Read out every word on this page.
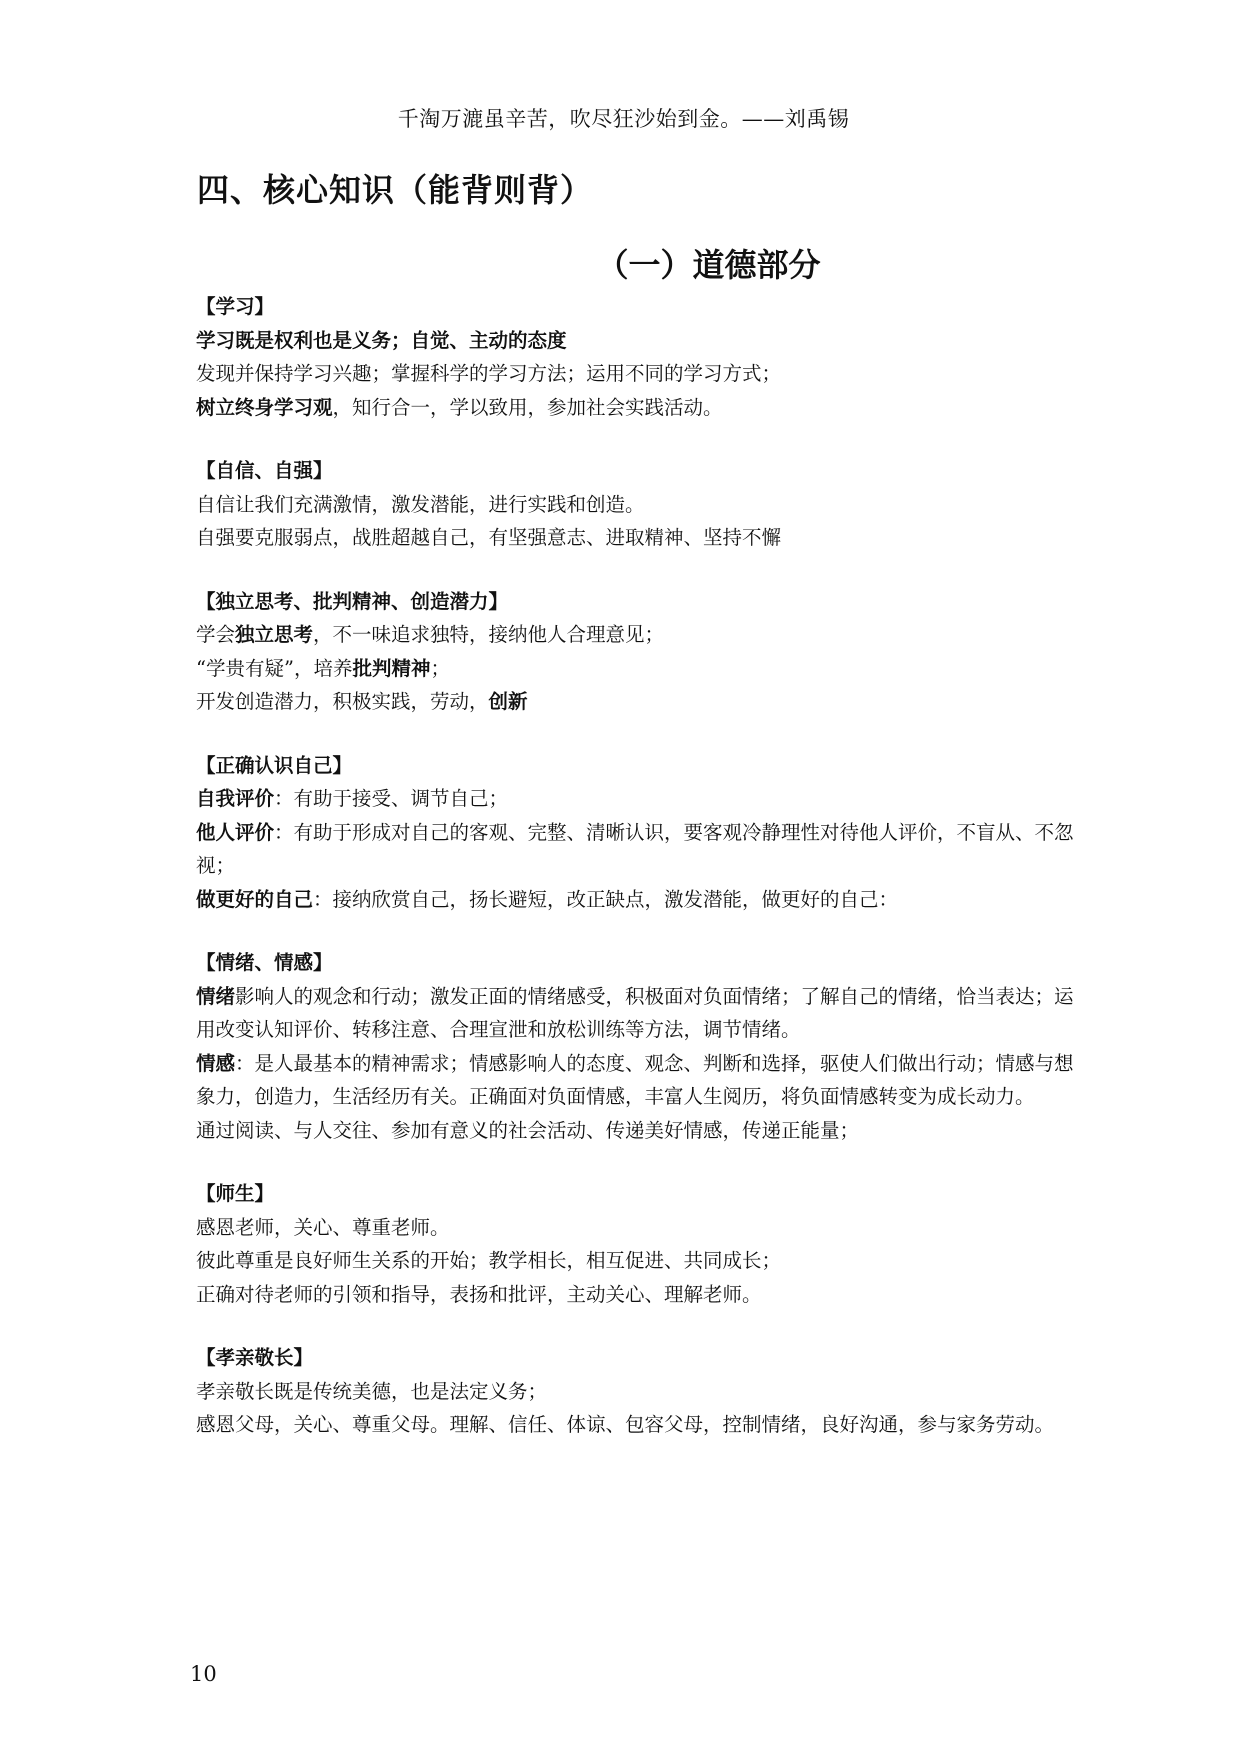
千淘万漉虽辛苦，吹尽狂沙始到金。——刘禹锡
四、核心知识（能背则背）
（一）道德部分

【学习】

学习既是权利也是义务；自觉、主动的态度

发现并保持学习兴趣；掌握科学的学习方法；运用不同的学习方式；

树立终身学习观，知行合一，学以致用，参加社会实践活动。

【自信、自强】

自信让我们充满激情，激发潜能，进行实践和创造。

自强要克服弱点，战胜超越自己，有坚强意志、进取精神、坚持不懈

【独立思考、批判精神、创造潜力】

学会独立思考，不一味追求独特，接纳他人合理意见；

“学贵有疑”，培养批判精神；

开发创造潜力，积极实践，劳动，创新

【正确认识自己】

自我评价：有助于接受、调节自己；

他人评价：有助于形成对自己的客观、完整、清晰认识，要客观冷静理性对待他人评价，不盲从、不忽视；

做更好的自己：接纳欣赏自己，扬长避短，改正缺点，激发潜能，做更好的自己：

【情绪、情感】

情绪影响人的观念和行动；激发正面的情绪感受，积极面对负面情绪；了解自己的情绪，恰当表达；运用改变认知评价、转移注意、合理宣泄和放松训练等方法，调节情绪。

情感：是人最基本的精神需求；情感影响人的态度、观念、判断和选择，驱使人们做出行动；情感与想象力，创造力，生活经历有关。正确面对负面情感，丰富人生阅历，将负面情感转变为成长动力。

通过阅读、与人交往、参加有意义的社会活动、传递美好情感，传递正能量；

【师生】

感恩老师，关心、尊重老师。

彼此尊重是良好师生关系的开始；教学相长，相互促进、共同成长；

正确对待老师的引领和指导，表扬和批评，主动关心、理解老师。

【孝亲敬长】

孝亲敬长既是传统美德，也是法定义务；

感恩父母，关心、尊重父母。理解、信任、体谅、包容父母，控制情绪，良好沟通，参与家务劳动。

10
